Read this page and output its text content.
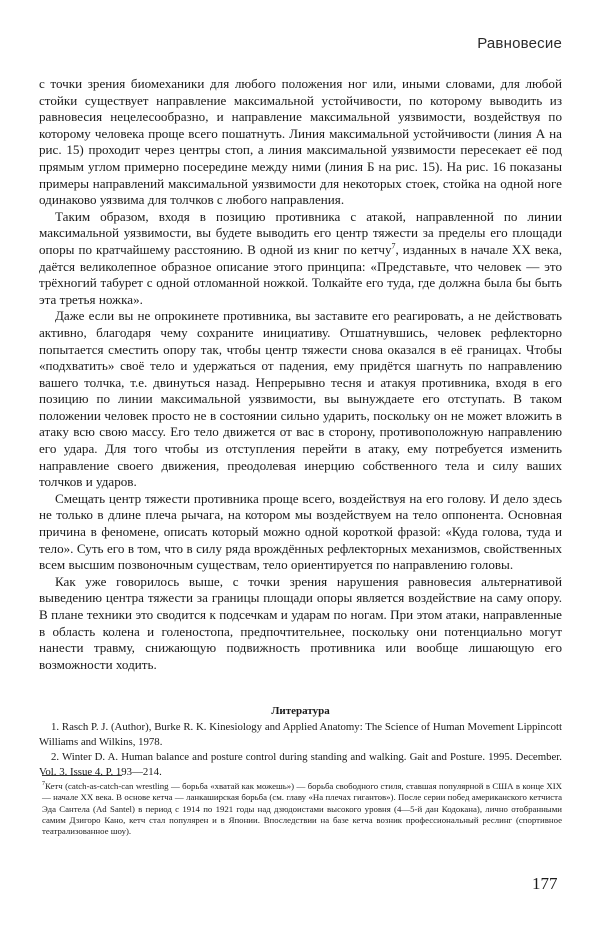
Равновесие

с точки зрения биомеханики для любого положения ног или, иными словами, для любой стойки существует направление максимальной устойчивости, по которому выводить из равновесия нецелесообразно, и направление максимальной уязвимости, воздействуя по которому человека проще всего пошатнуть. Линия максимальной устойчивости (линия А на рис. 15) проходит через центры стоп, а линия максимальной уязвимости пересекает её под прямым углом примерно посередине между ними (линия Б на рис. 15). На рис. 16 показаны примеры направлений максимальной уязвимости для некоторых стоек, стойка на одной ноге одинаково уязвима для толчков с любого направления.

Таким образом, входя в позицию противника с атакой, направленной по линии максимальной уязвимости, вы будете выводить его центр тяжести за пределы его площади опоры по кратчайшему расстоянию. В одной из книг по кетчу$^7$, изданных в начале XX века, даётся великолепное образное описание этого принципа: «Представьте, что человек — это трёхногий табурет с одной отломанной ножкой. Толкайте его туда, где должна была бы быть эта третья ножка».

Даже если вы не опрокинете противника, вы заставите его реагировать, а не действовать активно, благодаря чему сохраните инициативу. Отшатнувшись, человек рефлекторно попытается сместить опору так, чтобы центр тяжести снова оказался в её границах. Чтобы «подхватить» своё тело и удержаться от падения, ему придётся шагнуть по направлению вашего толчка, т.е. двинуться назад. Непрерывно тесня и атакуя противника, входя в его позицию по линии максимальной уязвимости, вы вынуждаете его отступать. В таком положении человек просто не в состоянии сильно ударить, поскольку он не может вложить в атаку всю свою массу. Его тело движется от вас в сторону, противоположную направлению его удара. Для того чтобы из отступления перейти в атаку, ему потребуется изменить направление своего движения, преодолевая инерцию собственного тела и силу ваших толчков и ударов.

Смещать центр тяжести противника проще всего, воздействуя на его голову. И дело здесь не только в длине плеча рычага, на котором мы воздействуем на тело оппонента. Основная причина в феномене, описать который можно одной короткой фразой: «Куда голова, туда и тело». Суть его в том, что в силу ряда врождённых рефлекторных механизмов, свойственных всем высшим позвоночным существам, тело ориентируется по направлению головы.

Как уже говорилось выше, с точки зрения нарушения равновесия альтернативой выведению центра тяжести за границы площади опоры является воздействие на саму опору. В плане техники это сводится к подсечкам и ударам по ногам. При этом атаки, направленные в область колена и голеностопа, предпочтительнее, поскольку они потенциально могут нанести травму, снижающую подвижность противника или вообще лишающую его возможности ходить.

Литература

1. Rasch P. J. (Author), Burke R. K. Kinesiology and Applied Anatomy: The Science of Human Movement Lippincott Williams and Wilkins, 1978.

2. Winter D. A. Human balance and posture control during standing and walking. Gait and Posture. 1995. December. Vol. 3. Issue 4. P. 193—214.

$^7$Кетч (catch-as-catch-can wrestling — борьба «хватай как можешь») — борьба свободного стиля, ставшая популярной в США в конце XIX — начале XX века. В основе кетча — ланкаширская борьба (см. главу «На плечах гигантов»). После серии побед американского кетчиста Эда Сантела (Ad Santel) в период с 1914 по 1921 годы над дзюдоистами высокого уровня (4—5-й дан Кодокана), лично отобранными самим Дзигоро Кано, кетч стал популярен и в Японии. Впоследствии на базе кетча возник профессиональный реслинг (спортивное театрализованное шоу).
177
